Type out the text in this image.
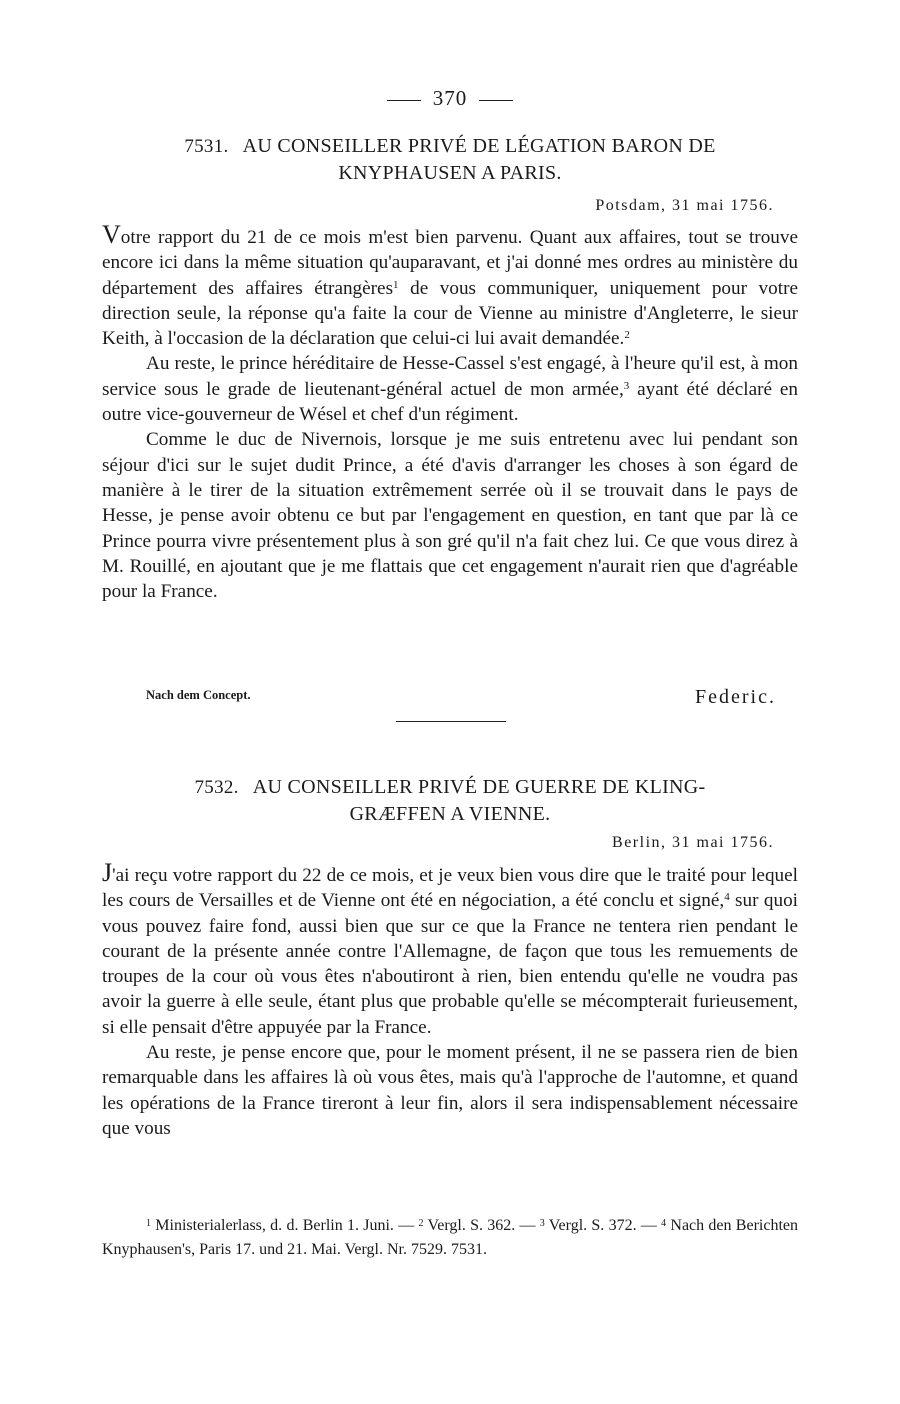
370
7531. AU CONSEILLER PRIVÉ DE LÉGATION BARON DE
KNYPHAUSEN A PARIS.
Potsdam, 31 mai 1756.

Votre rapport du 21 de ce mois m'est bien parvenu. Quant aux affaires, tout se trouve encore ici dans la même situation qu'auparavant, et j'ai donné mes ordres au ministère du département des affaires étrangères$^1$ de vous communiquer, uniquement pour votre direction seule, la réponse qu'a faite la cour de Vienne au ministre d'Angleterre, le sieur Keith, à l'occasion de la déclaration que celui-ci lui avait demandée.$^2$

Au reste, le prince héréditaire de Hesse-Cassel s'est engagé, à l'heure qu'il est, à mon service sous le grade de lieutenant-général actuel de mon armée,$^3$ ayant été déclaré en outre vice-gouverneur de Wésel et chef d'un régiment.

Comme le duc de Nivernois, lorsque je me suis entretenu avec lui pendant son séjour d'ici sur le sujet dudit Prince, a été d'avis d'arranger les choses à son égard de manière à le tirer de la situation extrêmement serrée où il se trouvait dans le pays de Hesse, je pense avoir obtenu ce but par l'engagement en question, en tant que par là ce Prince pourra vivre présentement plus à son gré qu'il n'a fait chez lui. Ce que vous direz à M. Rouillé, en ajoutant que je me flattais que cet engagement n'aurait rien que d'agréable pour la France.

Nach dem Concept.	Federic.
7532. AU CONSEILLER PRIVÉ DE GUERRE DE KLING-
GRÆFFEN A VIENNE.
Berlin, 31 mai 1756.

J'ai reçu votre rapport du 22 de ce mois, et je veux bien vous dire que le traité pour lequel les cours de Versailles et de Vienne ont été en négociation, a été conclu et signé,$^4$ sur quoi vous pouvez faire fond, aussi bien que sur ce que la France ne tentera rien pendant le courant de la présente année contre l'Allemagne, de façon que tous les remuements de troupes de la cour où vous êtes n'aboutiront à rien, bien entendu qu'elle ne voudra pas avoir la guerre à elle seule, étant plus que probable qu'elle se mécompterait furieusement, si elle pensait d'être appuyée par la France.

Au reste, je pense encore que, pour le moment présent, il ne se passera rien de bien remarquable dans les affaires là où vous êtes, mais qu'à l'approche de l'automne, et quand les opérations de la France tireront à leur fin, alors il sera indispensablement nécessaire que vous

$^1$ Ministerialerlass, d. d. Berlin 1. Juni. — $^2$ Vergl. S. 362. — $^3$ Vergl. S. 372. — $^4$ Nach den Berichten Knyphausen's, Paris 17. und 21. Mai. Vergl. Nr. 7529. 7531.
